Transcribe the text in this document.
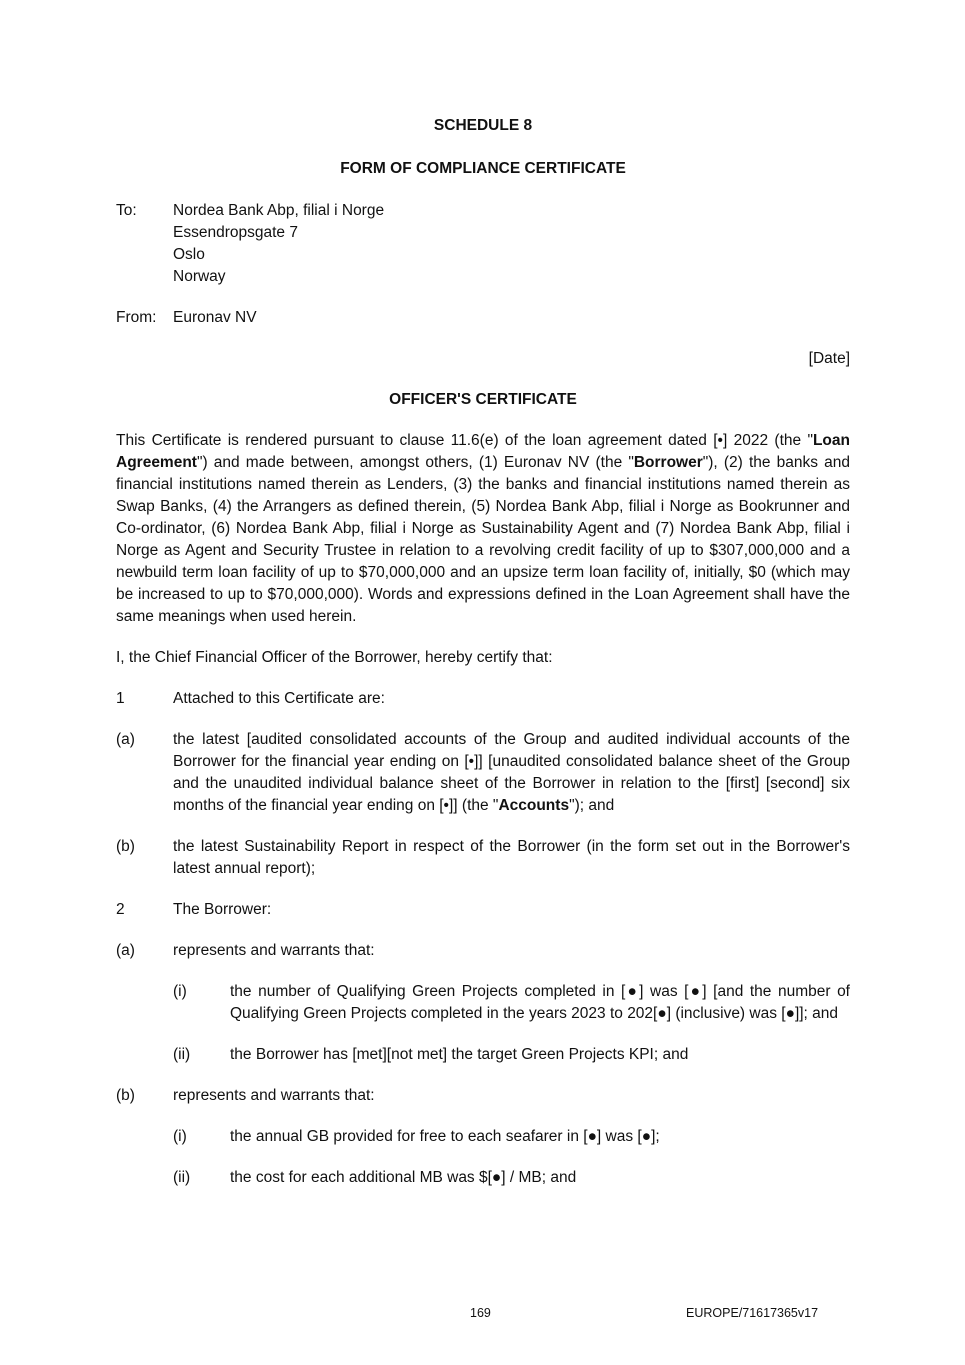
SCHEDULE 8
FORM OF COMPLIANCE CERTIFICATE
To:	Nordea Bank Abp, filial i Norge
Essendropsgate 7
Oslo
Norway
From:	Euronav NV
[Date]
OFFICER'S CERTIFICATE

This Certificate is rendered pursuant to clause 11.6(e) of the loan agreement dated [•] 2022 (the "Loan Agreement") and made between, amongst others, (1) Euronav NV (the "Borrower"), (2) the banks and financial institutions named therein as Lenders, (3) the banks and financial institutions named therein as Swap Banks, (4) the Arrangers as defined therein, (5) Nordea Bank Abp, filial i Norge as Bookrunner and Co-ordinator, (6) Nordea Bank Abp, filial i Norge as Sustainability Agent and (7) Nordea Bank Abp, filial i Norge as Agent and Security Trustee in relation to a revolving credit facility of up to $307,000,000 and a newbuild term loan facility of up to $70,000,000 and an upsize term loan facility of, initially, $0 (which may be increased to up to $70,000,000). Words and expressions defined in the Loan Agreement shall have the same meanings when used herein.

I, the Chief Financial Officer of the Borrower, hereby certify that:

1	Attached to this Certificate are:
(a)	the latest [audited consolidated accounts of the Group and audited individual accounts of the Borrower for the financial year ending on [•]] [unaudited consolidated balance sheet of the Group and the unaudited individual balance sheet of the Borrower in relation to the [first] [second] six months of the financial year ending on [•]] (the "Accounts"); and
(b)	the latest Sustainability Report in respect of the Borrower (in the form set out in the Borrower's latest annual report);
2	The Borrower:
(a)	represents and warrants that:
(i)	the number of Qualifying Green Projects completed in [●] was [●] [and the number of Qualifying Green Projects completed in the years 2023 to 202[●] (inclusive) was [●]]; and
(ii)	the Borrower has [met][not met] the target Green Projects KPI; and
(b)	represents and warrants that:
(i)	the annual GB provided for free to each seafarer in [●] was [●];
(ii)	the cost for each additional MB was $[●] / MB; and
169	EUROPE/71617365v17
